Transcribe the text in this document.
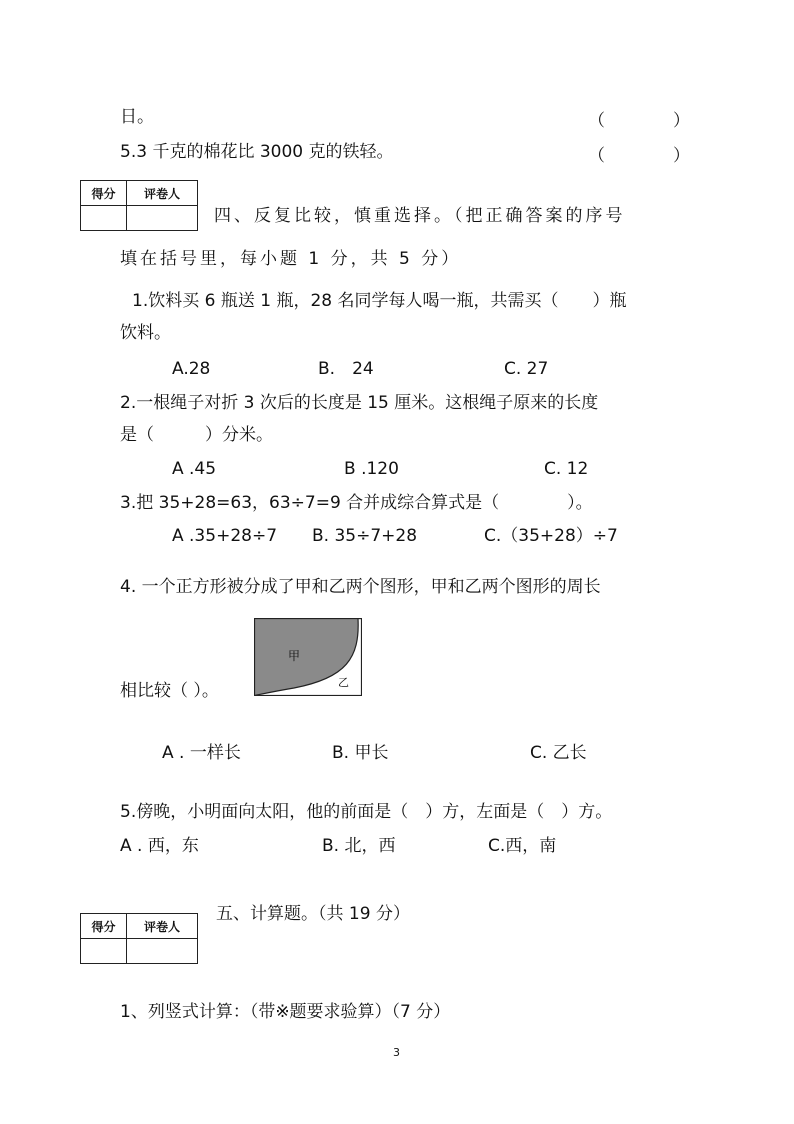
日。	（　　　　）
5.3 千克的棉花比 3000 克的铁轻。	（　　　　）
得分	评卷人

四、反复比较，慎重选择。（把正确答案的序号
填在括号里，每小题 1 分，共 5 分）
1.饮料买 6 瓶送 1 瓶，28 名同学每人喝一瓶，共需买（　　）瓶
饮料。
A.28	B.　24	C. 27
2.一根绳子对折 3 次后的长度是 15 厘米。这根绳子原来的长度
是（　　　）分米。
A .45	B .120	C. 12
3.把 35+28=63，63÷7=9 合并成综合算式是（　　　　）。
A .35+28÷7 B. 35÷7+28	C.（35+28）÷7
4. 一个正方形被分成了甲和乙两个图形，甲和乙两个图形的周长
甲
乙
相比较（ ）。
A . 一样长	B. 甲长	C. 乙长
5.傍晚，小明面向太阳，他的前面是（　）方，左面是（　）方。
A . 西，东	B. 北，西	C.西，南
五、计算题。（共 19 分）
得分	评卷人

1、列竖式计算：（带※题要求验算）（7 分）
3
